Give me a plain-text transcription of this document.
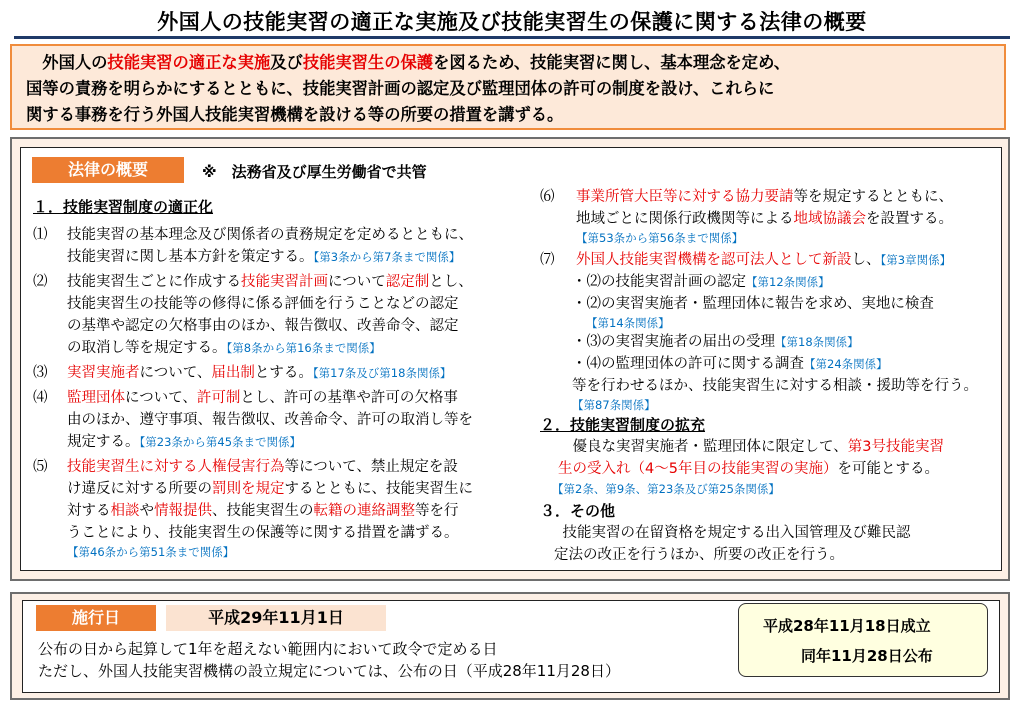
外国人の技能実習の適正な実施及び技能実習生の保護に関する法律の概要
　外国人の技能実習の適正な実施及び技能実習生の保護を図るため、技能実習に関し、基本理念を定め、
国等の責務を明らかにするとともに、技能実習計画の認定及び監理団体の許可の制度を設け、これらに
関する事務を行う外国人技能実習機構を設ける等の所要の措置を講ずる。
法律の概要	※　法務省及び厚生労働省で共管
１．技能実習制度の適正化
⑴ 技能実習の基本理念及び関係者の責務規定を定めるとともに、
技能実習に関し基本方針を策定する。【第3条から第7条まで関係】
⑵ 技能実習生ごとに作成する技能実習計画について認定制とし、
技能実習生の技能等の修得に係る評価を行うことなどの認定
の基準や認定の欠格事由のほか、報告徴収、改善命令、認定
の取消し等を規定する。【第8条から第16条まで関係】
⑶ 実習実施者について、届出制とする。【第17条及び第18条関係】
⑷ 監理団体について、許可制とし、許可の基準や許可の欠格事
由のほか、遵守事項、報告徴収、改善命令、許可の取消し等を
規定する。【第23条から第45条まで関係】
⑸ 技能実習生に対する人権侵害行為等について、禁止規定を設
け違反に対する所要の罰則を規定するとともに、技能実習生に
対する相談や情報提供、技能実習生の転籍の連絡調整等を行
うことにより、技能実習生の保護等に関する措置を講ずる。
【第46条から第51条まで関係】
⑹ 事業所管大臣等に対する協力要請等を規定するとともに、
地域ごとに関係行政機関等による地域協議会を設置する。
【第53条から第56条まで関係】
⑺ 外国人技能実習機構を認可法人として新設し、【第3章関係】
・⑵の技能実習計画の認定【第12条関係】
・⑵の実習実施者・監理団体に報告を求め、実地に検査
【第14条関係】
・⑶の実習実施者の届出の受理【第18条関係】
・⑷の監理団体の許可に関する調査【第24条関係】
等を行わせるほか、技能実習生に対する相談・援助等を行う。
【第87条関係】
２．技能実習制度の拡充
　優良な実習実施者・監理団体に限定して、第3号技能実習
生の受入れ（4～5年目の技能実習の実施）を可能とする。
【第2条、第9条、第23条及び第25条関係】
３．その他
　技能実習の在留資格を規定する出入国管理及び難民認
定法の改正を行うほか、所要の改正を行う。
施行日	平成29年11月1日
公布の日から起算して1年を超えない範囲内において政令で定める日
ただし、外国人技能実習機構の設立規定については、公布の日（平成28年11月28日）
平成28年11月18日成立
同年11月28日公布
